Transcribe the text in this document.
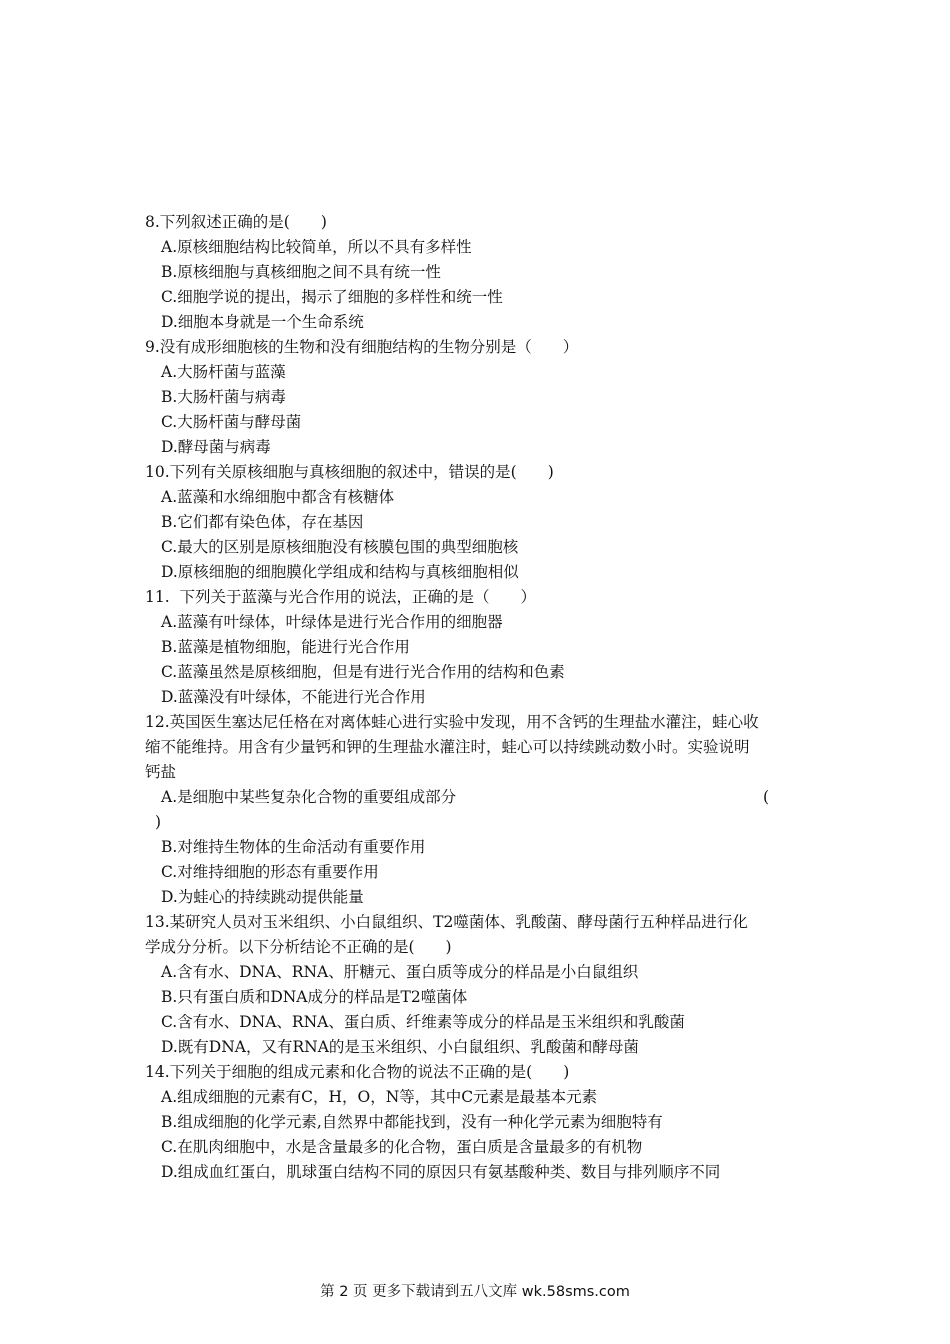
8.下列叙述正确的是(　　)
A.原核细胞结构比较简单，所以不具有多样性
B.原核细胞与真核细胞之间不具有统一性
C.细胞学说的提出，揭示了细胞的多样性和统一性
D.细胞本身就是一个生命系统
9.没有成形细胞核的生物和没有细胞结构的生物分别是（　　）
A.大肠杆菌与蓝藻
B.大肠杆菌与病毒
C.大肠杆菌与酵母菌
D.酵母菌与病毒
10.下列有关原核细胞与真核细胞的叙述中，错误的是(　　)
A.蓝藻和水绵细胞中都含有核糖体
B.它们都有染色体，存在基因
C.最大的区别是原核细胞没有核膜包围的典型细胞核
D.原核细胞的细胞膜化学组成和结构与真核细胞相似
11.  下列关于蓝藻与光合作用的说法，正确的是（　　）
A.蓝藻有叶绿体，叶绿体是进行光合作用的细胞器
B.蓝藻是植物细胞，能进行光合作用
C.蓝藻虽然是原核细胞，但是有进行光合作用的结构和色素
D.蓝藻没有叶绿体，不能进行光合作用
12.英国医生塞达尼任格在对离体蛙心进行实验中发现，用不含钙的生理盐水灌注，蛙心收
缩不能维持。用含有少量钙和钾的生理盐水灌注时，蛙心可以持续跳动数小时。实验说明
钙盐
A.是细胞中某些复杂化合物的重要组成部分	(
)
B.对维持生物体的生命活动有重要作用
C.对维持细胞的形态有重要作用
D.为蛙心的持续跳动提供能量
13.某研究人员对玉米组织、小白鼠组织、T2噬菌体、乳酸菌、酵母菌行五种样品进行化
学成分分析。以下分析结论不正确的是(　　)
A.含有水、DNA、RNA、肝糖元、蛋白质等成分的样品是小白鼠组织
B.只有蛋白质和DNA成分的样品是T2噬菌体
C.含有水、DNA、RNA、蛋白质、纤维素等成分的样品是玉米组织和乳酸菌
D.既有DNA，又有RNA的是玉米组织、小白鼠组织、乳酸菌和酵母菌
14.下列关于细胞的组成元素和化合物的说法不正确的是(　　)
A.组成细胞的元素有C，H，O，N等，其中C元素是最基本元素
B.组成细胞的化学元素,自然界中都能找到，没有一种化学元素为细胞特有
C.在肌肉细胞中，水是含量最多的化合物，蛋白质是含量最多的有机物
D.组成血红蛋白，肌球蛋白结构不同的原因只有氨基酸种类、数目与排列顺序不同
第 2 页 更多下载请到五八文库 wk.58sms.com
